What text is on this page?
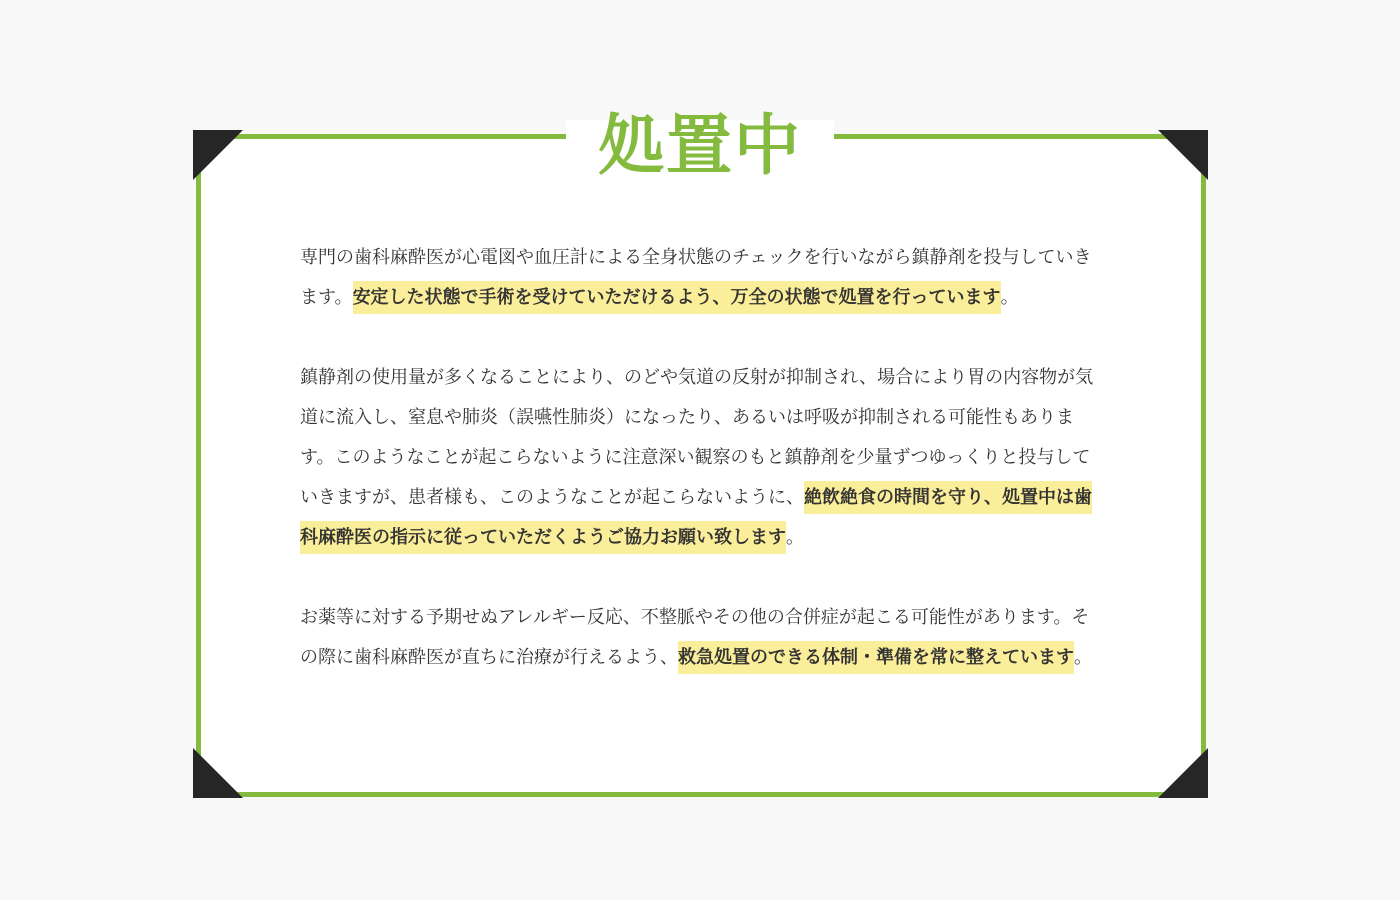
処置中

専門の歯科麻酔医が心電図や血圧計による全身状態のチェックを行いながら鎮静剤を投与していきます。安定した状態で手術を受けていただけるよう、万全の状態で処置を行っています。

鎮静剤の使用量が多くなることにより、のどや気道の反射が抑制され、場合により胃の内容物が気道に流入し、窒息や肺炎（誤嚥性肺炎）になったり、あるいは呼吸が抑制される可能性もあります。このようなことが起こらないように注意深い観察のもと鎮静剤を少量ずつゆっくりと投与していきますが、患者様も、このようなことが起こらないように、絶飲絶食の時間を守り、処置中は歯科麻酔医の指示に従っていただくようご協力お願い致します。

お薬等に対する予期せぬアレルギー反応、不整脈やその他の合併症が起こる可能性があります。その際に歯科麻酔医が直ちに治療が行えるよう、救急処置のできる体制・準備を常に整えています。
